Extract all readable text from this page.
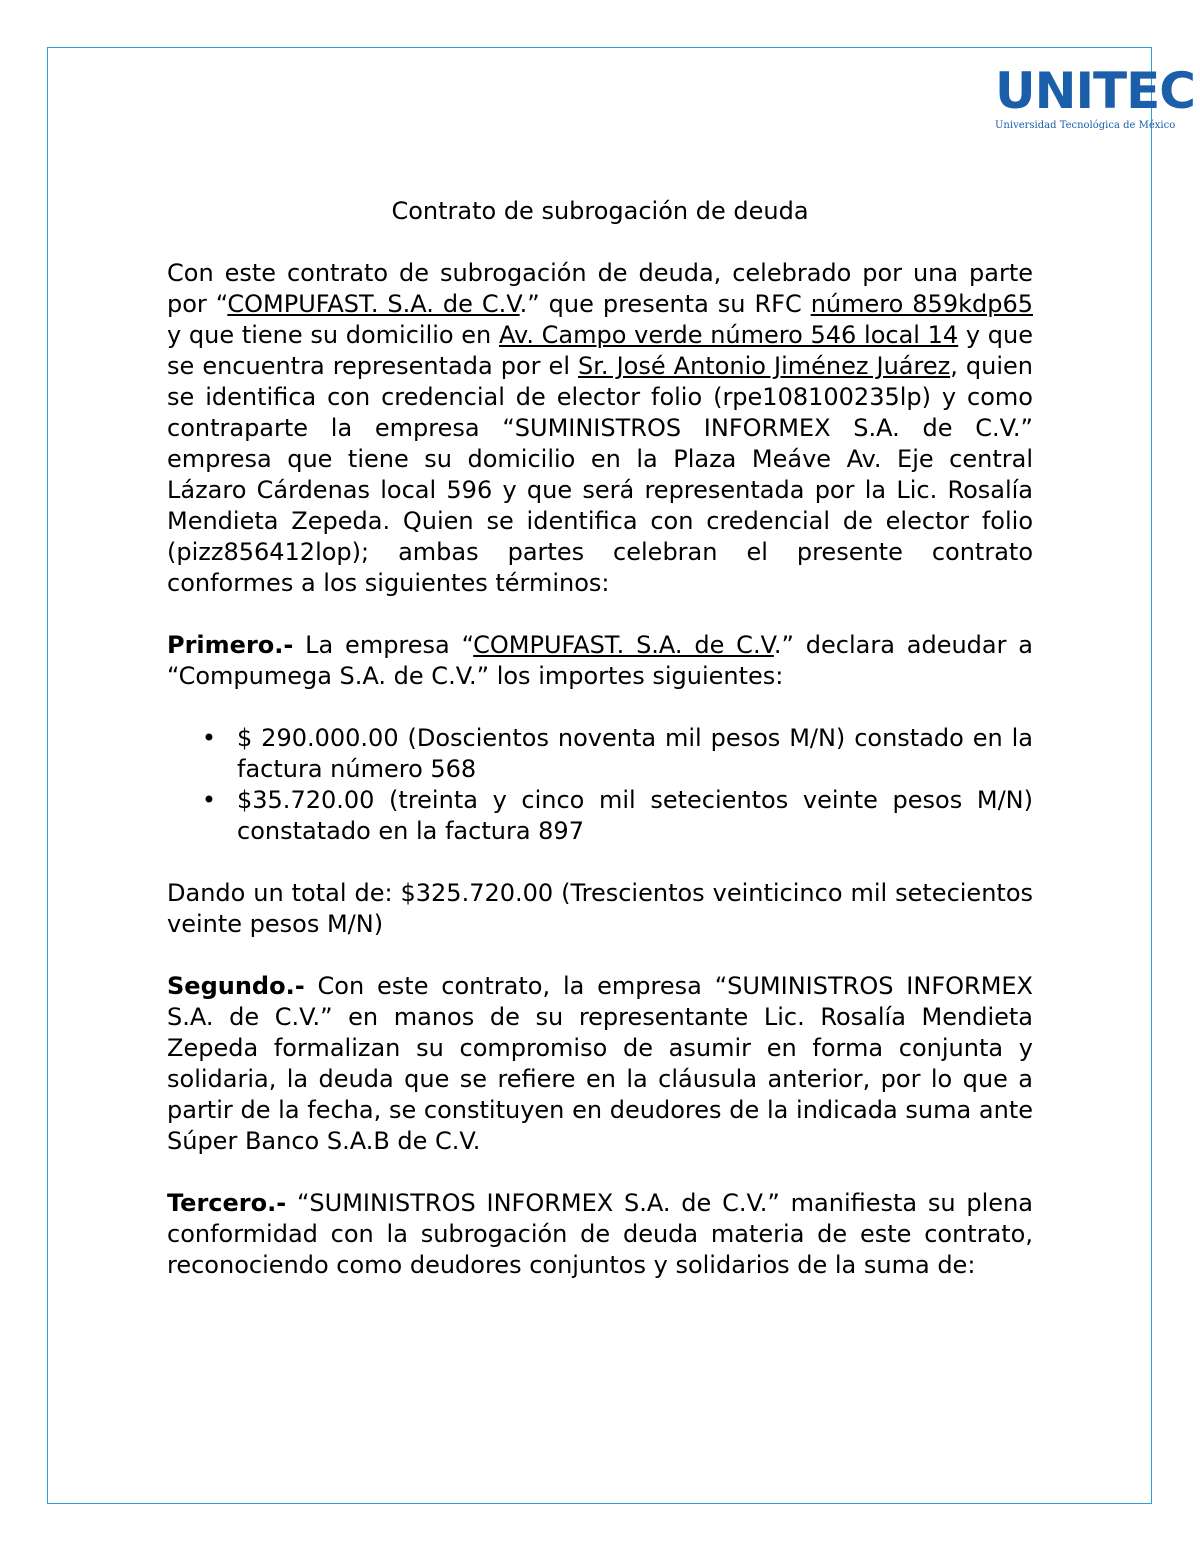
UNITEC
Universidad Tecnológica de México
Contrato de subrogación de deuda

Con este contrato de subrogación de deuda, celebrado por una parte por “COMPUFAST. S.A. de C.V.” que presenta su RFC número 859kdp65 y que tiene su domicilio en Av. Campo verde número 546 local 14 y que se encuentra representada por el Sr. José Antonio Jiménez Juárez, quien se identifica con credencial de elector folio (rpe108100235lp) y como contraparte la empresa “SUMINISTROS INFORMEX S.A. de C.V.” empresa que tiene su domicilio en la Plaza Meáve Av. Eje central Lázaro Cárdenas local 596 y que será representada por la Lic. Rosalía Mendieta Zepeda. Quien se identifica con credencial de elector folio (pizz856412lop); ambas partes celebran el presente contrato conformes a los siguientes términos:

Primero.- La empresa “COMPUFAST. S.A. de C.V.” declara adeudar a “Compumega S.A. de C.V.” los importes siguientes:

• $ 290.000.00 (Doscientos noventa mil pesos M/N) constado en la factura número 568
• $35.720.00 (treinta y cinco mil setecientos veinte pesos M/N) constatado en la factura 897

Dando un total de: $325.720.00 (Trescientos veinticinco mil setecientos veinte pesos M/N)

Segundo.- Con este contrato, la empresa “SUMINISTROS INFORMEX S.A. de C.V.” en manos de su representante Lic. Rosalía Mendieta Zepeda formalizan su compromiso de asumir en forma conjunta y solidaria, la deuda que se refiere en la cláusula anterior, por lo que a partir de la fecha, se constituyen en deudores de la indicada suma ante Súper Banco S.A.B de C.V.

Tercero.- “SUMINISTROS INFORMEX S.A. de C.V.” manifiesta su plena conformidad con la subrogación de deuda materia de este contrato, reconociendo como deudores conjuntos y solidarios de la suma de:
